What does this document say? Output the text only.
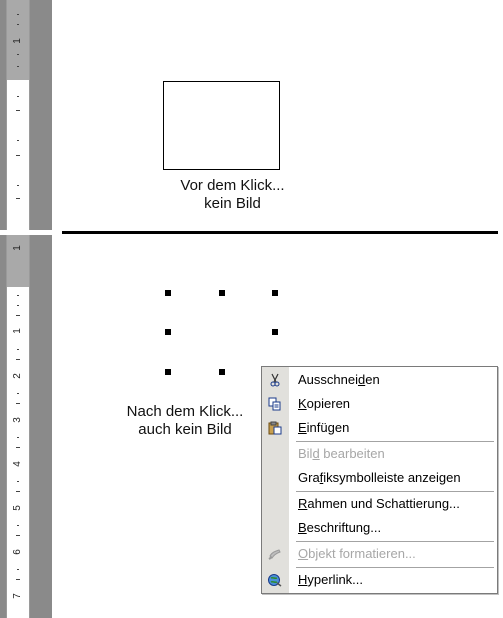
1
1
1
2
3
4
5
6
7
Vor dem Klick...
kein Bild
Nach dem Klick...
auch kein Bild
Ausschneiden
Kopieren
Einfügen
Bild bearbeiten
Grafiksymbolleiste anzeigen
Rahmen und Schattierung...
Beschriftung...
Objekt formatieren...
Hyperlink...
